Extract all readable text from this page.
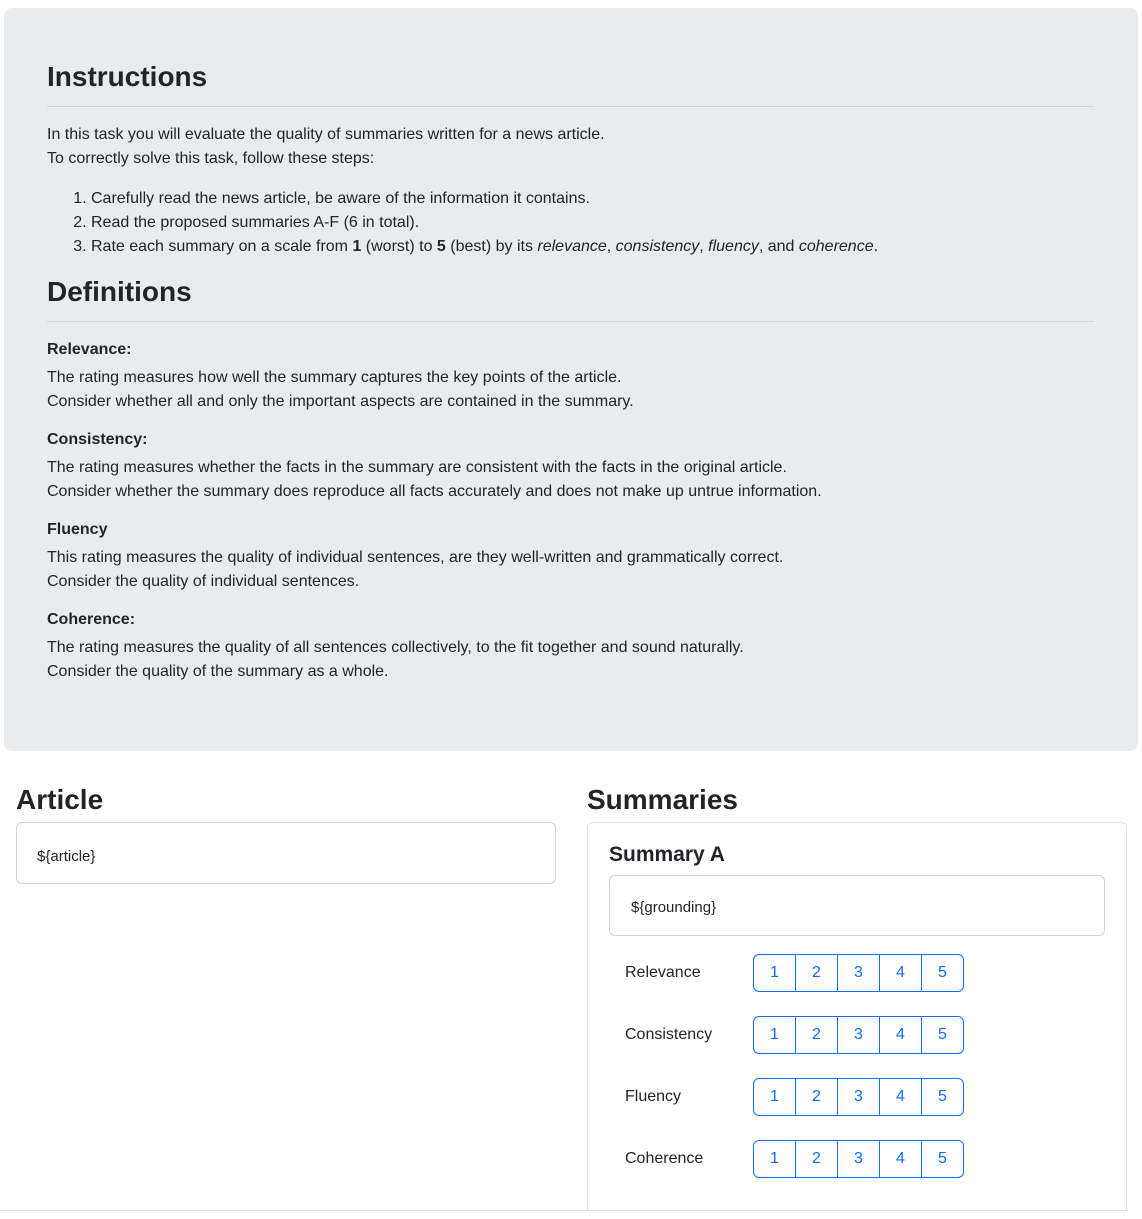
Instructions
In this task you will evaluate the quality of summaries written for a news article.
To correctly solve this task, follow these steps:
1. Carefully read the news article, be aware of the information it contains.
2. Read the proposed summaries A-F (6 in total).
3. Rate each summary on a scale from 1 (worst) to 5 (best) by its relevance, consistency, fluency, and coherence.
Definitions

Relevance:

The rating measures how well the summary captures the key points of the article.
Consider whether all and only the important aspects are contained in the summary.

Consistency:

The rating measures whether the facts in the summary are consistent with the facts in the original article.
Consider whether the summary does reproduce all facts accurately and does not make up untrue information.

Fluency

This rating measures the quality of individual sentences, are they well-written and grammatically correct.
Consider the quality of individual sentences.

Coherence:

The rating measures the quality of all sentences collectively, to the fit together and sound naturally.
Consider the quality of the summary as a whole.
Article
${article}
Summaries
Summary A
${grounding}
Relevance	1	2	3	4	5
Consistency	1	2	3	4	5
Fluency	1	2	3	4	5
Coherence	1	2	3	4	5
